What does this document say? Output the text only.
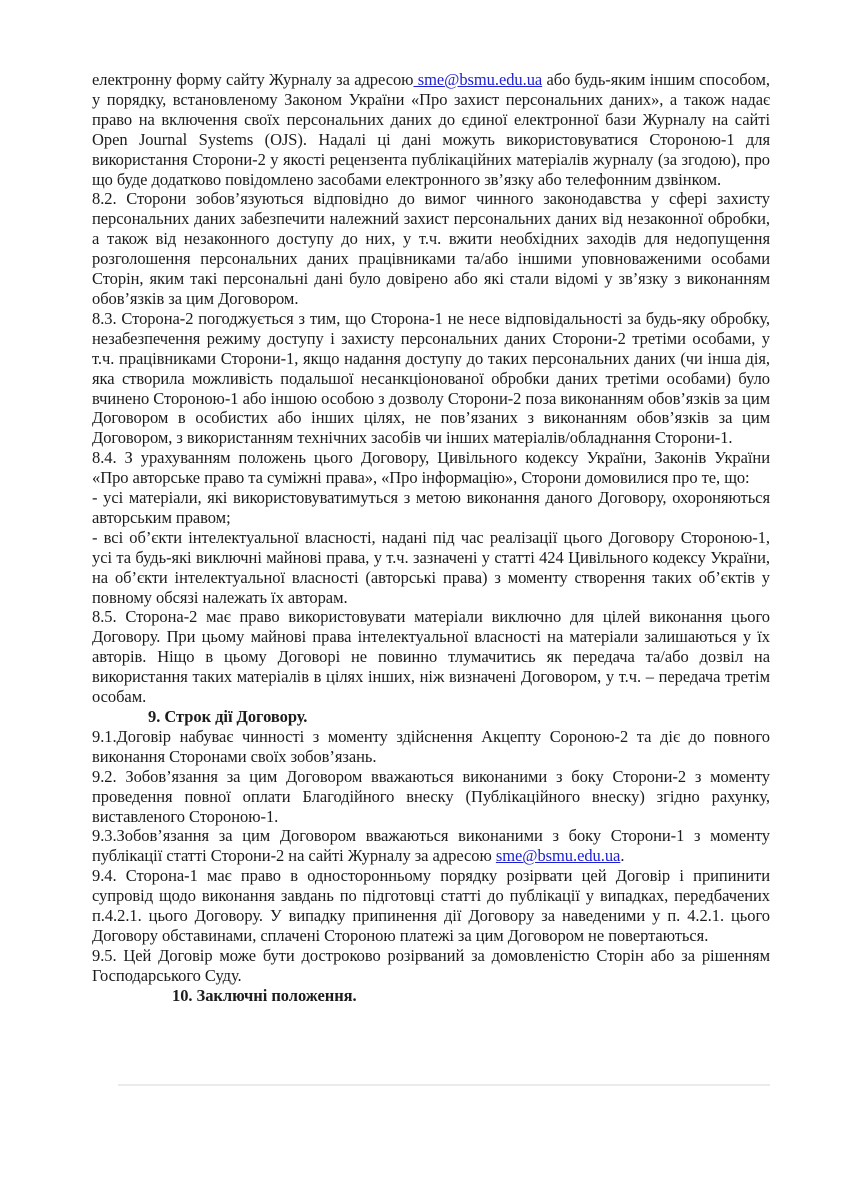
електронну форму сайту Журналу за адресою sme@bsmu.edu.ua або будь-яким іншим способом, у порядку, встановленому Законом України «Про захист персональних даних», а також надає право на включення своїх персональних даних до єдиної електронної бази Журналу на сайті Open Journal Systems (OJS). Надалі ці дані можуть використовуватися Стороною-1 для використання Сторони-2 у якості рецензента публікаційних матеріалів журналу (за згодою), про що буде додатково повідомлено засобами електронного зв’язку або телефонним дзвінком.

8.2. Сторони зобов’язуються відповідно до вимог чинного законодавства у сфері захисту персональних даних забезпечити належний захист персональних даних від незаконної обробки, а також від незаконного доступу до них, у т.ч. вжити необхідних заходів для недопущення розголошення персональних даних працівниками та/або іншими уповноваженими особами Сторін, яким такі персональні дані було довірено або які стали відомі у зв’язку з виконанням обов’язків за цим Договором.

8.3. Сторона-2 погоджується з тим, що Сторона-1 не несе відповідальності за будь-яку обробку, незабезпечення режиму доступу і захисту персональних даних Сторони-2 третіми особами, у т.ч. працівниками Сторони-1, якщо надання доступу до таких персональних даних (чи інша дія, яка створила можливість подальшої несанкціонованої обробки даних третіми особами) було вчинено Стороною-1 або іншою особою з дозволу Сторони-2 поза виконанням обов’язків за цим Договором в особистих або інших цілях, не пов’язаних з виконанням обов’язків за цим Договором, з використанням технічних засобів чи інших матеріалів/обладнання Сторони-1.

8.4. З урахуванням положень цього Договору, Цивільного кодексу України, Законів України «Про авторське право та суміжні права», «Про інформацію», Сторони домовилися про те, що:

- усі матеріали, які використовуватимуться з метою виконання даного Договору, охороняються авторським правом;

- всі об’єкти інтелектуальної власності, надані під час реалізації цього Договору Стороною-1, усі та будь-які виключні майнові права, у т.ч. зазначені у статті 424 Цивільного кодексу України, на об’єкти інтелектуальної власності (авторські права) з моменту створення таких об’єктів у повному обсязі належать їх авторам.

8.5. Сторона-2 має право використовувати матеріали виключно для цілей виконання цього Договору. При цьому майнові права інтелектуальної власності на матеріали залишаються у їх авторів. Ніщо в цьому Договорі не повинно тлумачитись як передача та/або дозвіл на використання таких матеріалів в цілях інших, ніж визначені Договором, у т.ч. – передача третім особам.

9. Строк дії Договору.

9.1.Договір набуває чинності з моменту здійснення Акцепту Сороною-2 та діє до повного виконання Сторонами своїх зобов’язань.

9.2. Зобов’язання за цим Договором вважаються виконаними з боку Сторони-2 з моменту проведення повної оплати Благодійного внеску (Публікаційного внеску) згідно рахунку, виставленого Стороною-1.

9.3.Зобов’язання за цим Договором вважаються виконаними з боку Сторони-1 з моменту публікації статті Сторони-2 на сайті Журналу за адресою sme@bsmu.edu.ua.

9.4. Сторона-1 має право в односторонньому порядку розірвати цей Договір і припинити супровід щодо виконання завдань по підготовці статті до публікації у випадках, передбачених п.4.2.1. цього Договору. У випадку припинення дії Договору за наведеними у п. 4.2.1. цього Договору обставинами, сплачені Стороною платежі за цим Договором не повертаються.

9.5. Цей Договір може бути достроково розірваний за домовленістю Сторін або за рішенням Господарського Суду.

10. Заключні положення.
